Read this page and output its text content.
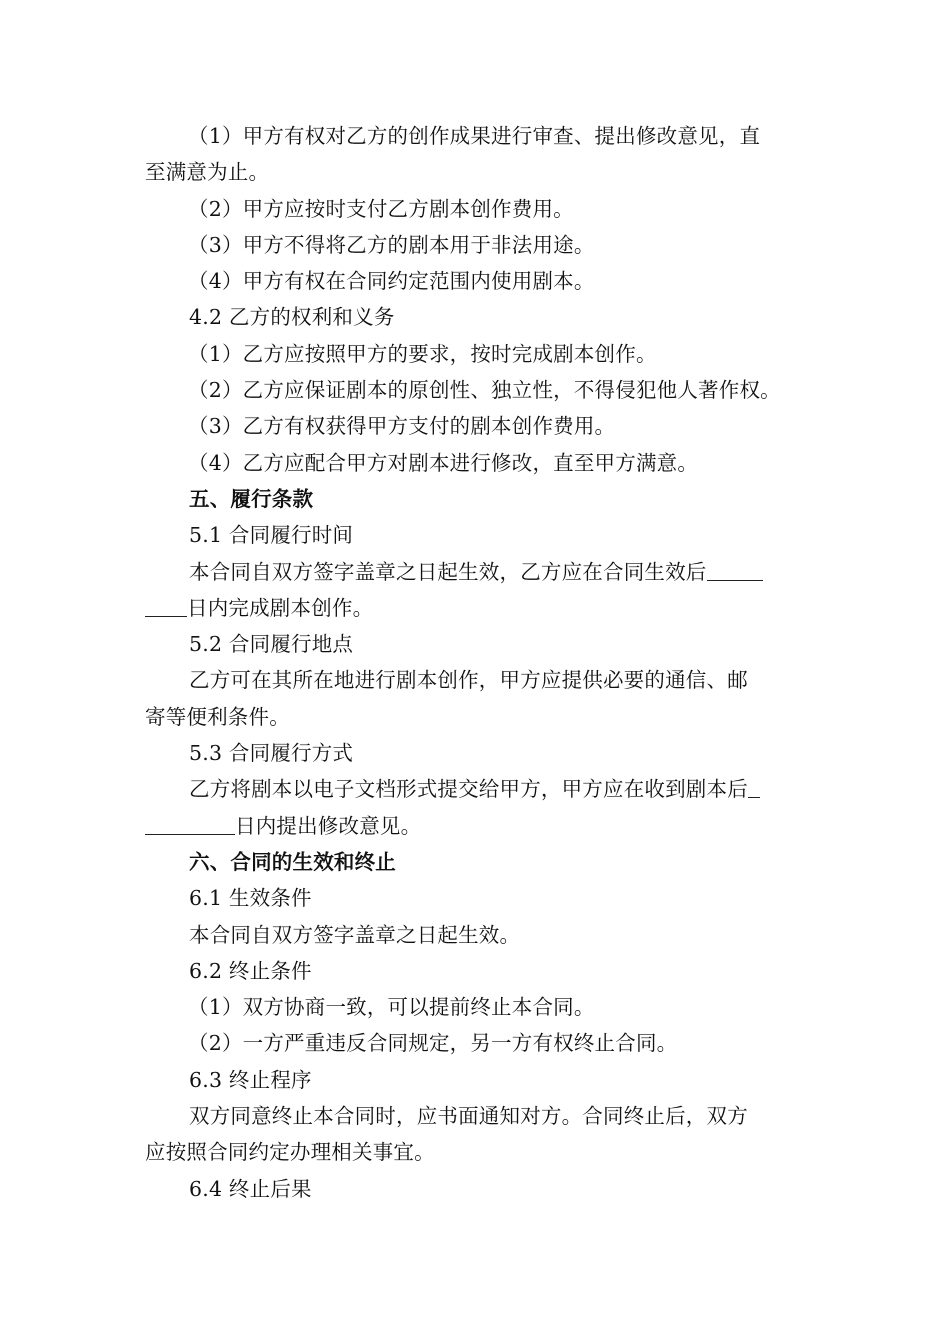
（1）甲方有权对乙方的创作成果进行审查、提出修改意见，直
至满意为止。
（2）甲方应按时支付乙方剧本创作费用。
（3）甲方不得将乙方的剧本用于非法用途。
（4）甲方有权在合同约定范围内使用剧本。
4.2 乙方的权利和义务
（1）乙方应按照甲方的要求，按时完成剧本创作。
（2）乙方应保证剧本的原创性、独立性，不得侵犯他人著作权。
（3）乙方有权获得甲方支付的剧本创作费用。
（4）乙方应配合甲方对剧本进行修改，直至甲方满意。
五、履行条款
5.1 合同履行时间
本合同自双方签字盖章之日起生效，乙方应在合同生效后
日内完成剧本创作。
5.2 合同履行地点
乙方可在其所在地进行剧本创作，甲方应提供必要的通信、邮
寄等便利条件。
5.3 合同履行方式
乙方将剧本以电子文档形式提交给甲方，甲方应在收到剧本后
日内提出修改意见。
六、合同的生效和终止
6.1 生效条件
本合同自双方签字盖章之日起生效。
6.2 终止条件
（1）双方协商一致，可以提前终止本合同。
（2）一方严重违反合同规定，另一方有权终止合同。
6.3 终止程序
双方同意终止本合同时，应书面通知对方。合同终止后，双方
应按照合同约定办理相关事宜。
6.4 终止后果
